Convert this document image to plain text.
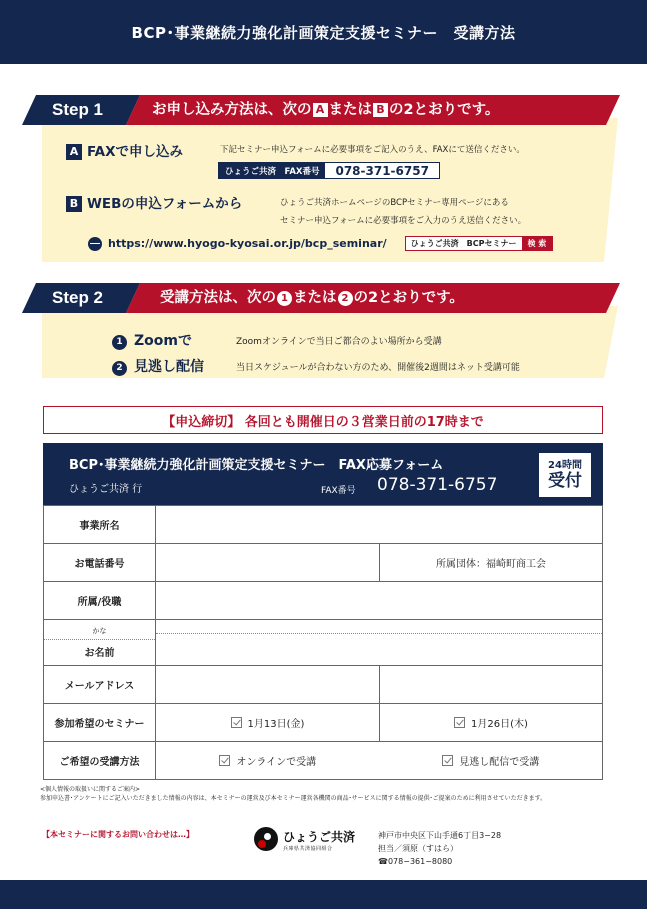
BCP･事業継続力強化計画策定支援セミナー　受講方法
Step 1	お申し込み方法は、次の A または B の2とおりです。
A FAXで申し込み	下記セミナー申込フォームに必要事項をご記入のうえ、FAXにて送信ください。
ひょうご共済　FAX番号	078-371-6757
B WEBの申込フォームから	ひょうご共済ホームページのBCPセミナー専用ページにある
セミナー申込フォームに必要事項をご入力のうえ送信ください。
https://www.hyogo-kyosai.or.jp/bcp_seminar/	ひょうご共済　BCPセミナー	検 索
Step 2	受講方法は、次の 1 または 2 の2とおりです。
1 Zoomで	Zoomオンラインで当日ご都合のよい場所から受講
2 見逃し配信	当日スケジュールが合わない方のため、開催後2週間はネット受講可能
【申込締切】 各回とも開催日の３営業日前の17時まで
BCP･事業継続力強化計画策定支援セミナー　FAX応募フォーム
ひょうご共済 行	FAX番号 078-371-6757
24時間
受付
事業所名		
お電話番号		所属団体：福崎町商工会
所属/役職		

かな
お名前		

メールアドレス		
参加希望のセミナー	1月13日(金)	1月26日(木)
ご希望の受講方法	オンラインで受講	見逃し配信で受講
<個人情報の取扱いに関するご案内>
参加申込書･アンケートにご記入いただきました情報の内容は、本セミナーの運営及び本セミナー運営各機関の商品･サービスに関する情報の提供･ご提案のために利用させていただきます。
【本セミナーに関するお問い合わせは…】	ひょうご共済
兵庫県共済協同組合
神戸市中央区下山手通6丁目3−28
担当／須原（すはら）
☎078−361−8080
